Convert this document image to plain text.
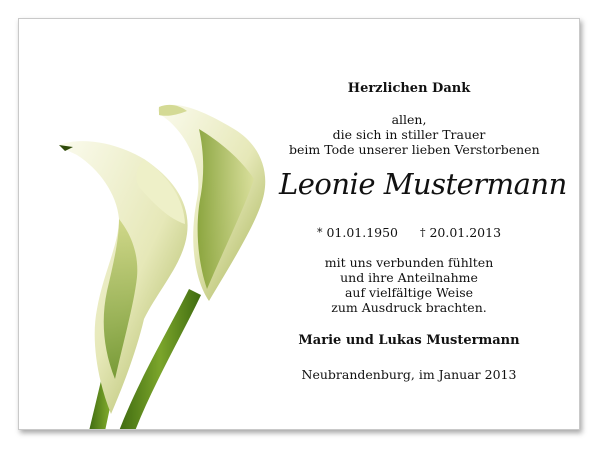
Herzlichen Dank
allen,
die sich in stiller Trauer
beim Tode unserer lieben Verstorbenen
Leonie Mustermann
* 01.01.1950 † 20.01.2013
mit uns verbunden fühlten
und ihre Anteilnahme
auf vielfältige Weise
zum Ausdruck brachten.
Marie und Lukas Mustermann
Neubrandenburg, im Januar 2013
